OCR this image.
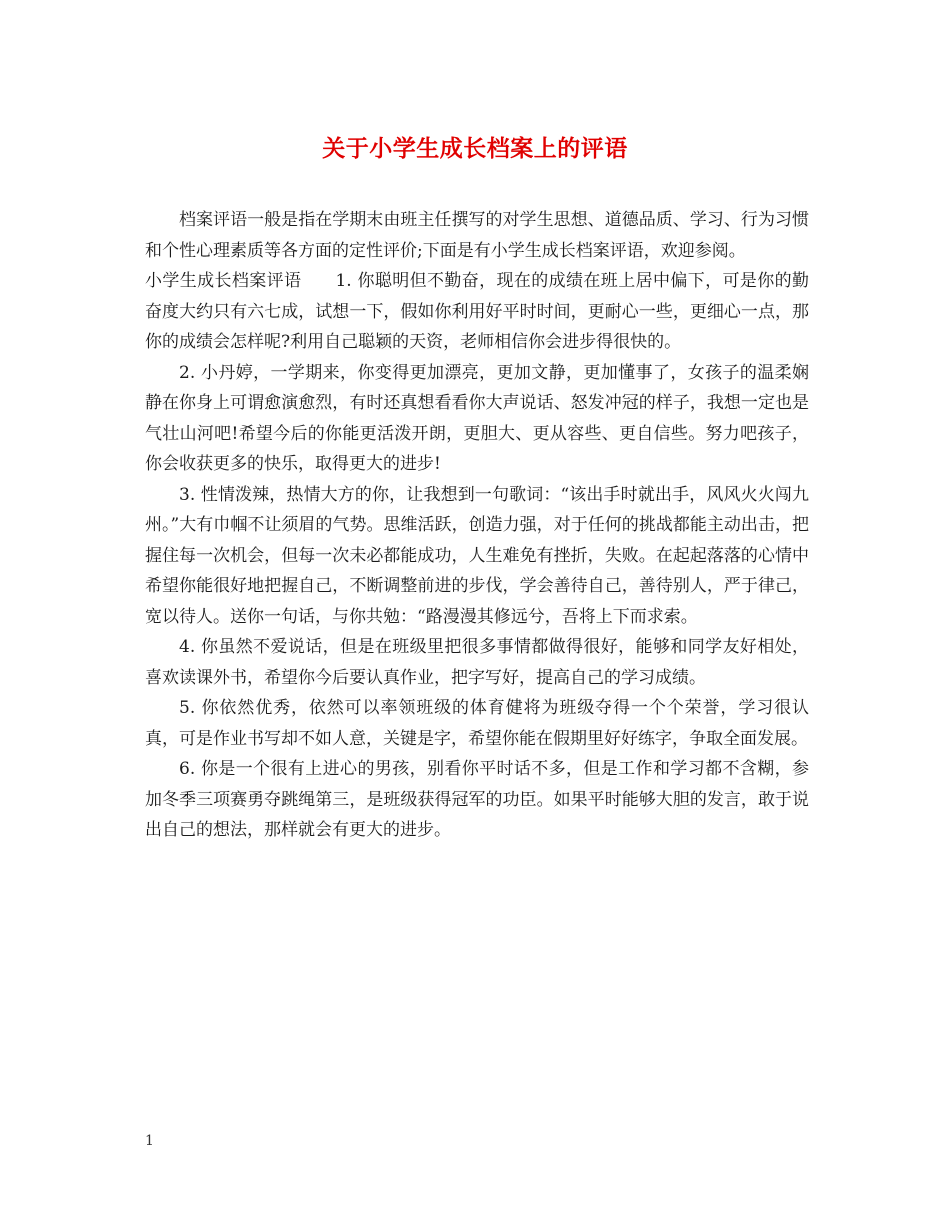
关于小学生成长档案上的评语

档案评语一般是指在学期末由班主任撰写的对学生思想、道德品质、学习、行为习惯和个性心理素质等各方面的定性评价;下面是有小学生成长档案评语，欢迎参阅。

小学生成长档案评语 1. 你聪明但不勤奋，现在的成绩在班上居中偏下，可是你的勤奋度大约只有六七成，试想一下，假如你利用好平时时间，更耐心一些，更细心一点，那你的成绩会怎样呢?利用自己聪颖的天资，老师相信你会进步得很快的。

2. 小丹婷，一学期来，你变得更加漂亮，更加文静，更加懂事了，女孩子的温柔娴静在你身上可谓愈演愈烈，有时还真想看看你大声说话、怒发冲冠的样子，我想一定也是气壮山河吧!希望今后的你能更活泼开朗，更胆大、更从容些、更自信些。努力吧孩子，你会收获更多的快乐，取得更大的进步!

3. 性情泼辣，热情大方的你，让我想到一句歌词：“该出手时就出手，风风火火闯九州。”大有巾帼不让须眉的气势。思维活跃，创造力强，对于任何的挑战都能主动出击，把握住每一次机会，但每一次未必都能成功，人生难免有挫折，失败。在起起落落的心情中希望你能很好地把握自己，不断调整前进的步伐，学会善待自己，善待别人，严于律己，宽以待人。送你一句话，与你共勉：“路漫漫其修远兮，吾将上下而求索。

4. 你虽然不爱说话，但是在班级里把很多事情都做得很好，能够和同学友好相处，喜欢读课外书，希望你今后要认真作业，把字写好，提高自己的学习成绩。

5. 你依然优秀，依然可以率领班级的体育健将为班级夺得一个个荣誉，学习很认真，可是作业书写却不如人意，关键是字，希望你能在假期里好好练字，争取全面发展。

6. 你是一个很有上进心的男孩，别看你平时话不多，但是工作和学习都不含糊，参加冬季三项赛勇夺跳绳第三，是班级获得冠军的功臣。如果平时能够大胆的发言，敢于说出自己的想法，那样就会有更大的进步。

1
